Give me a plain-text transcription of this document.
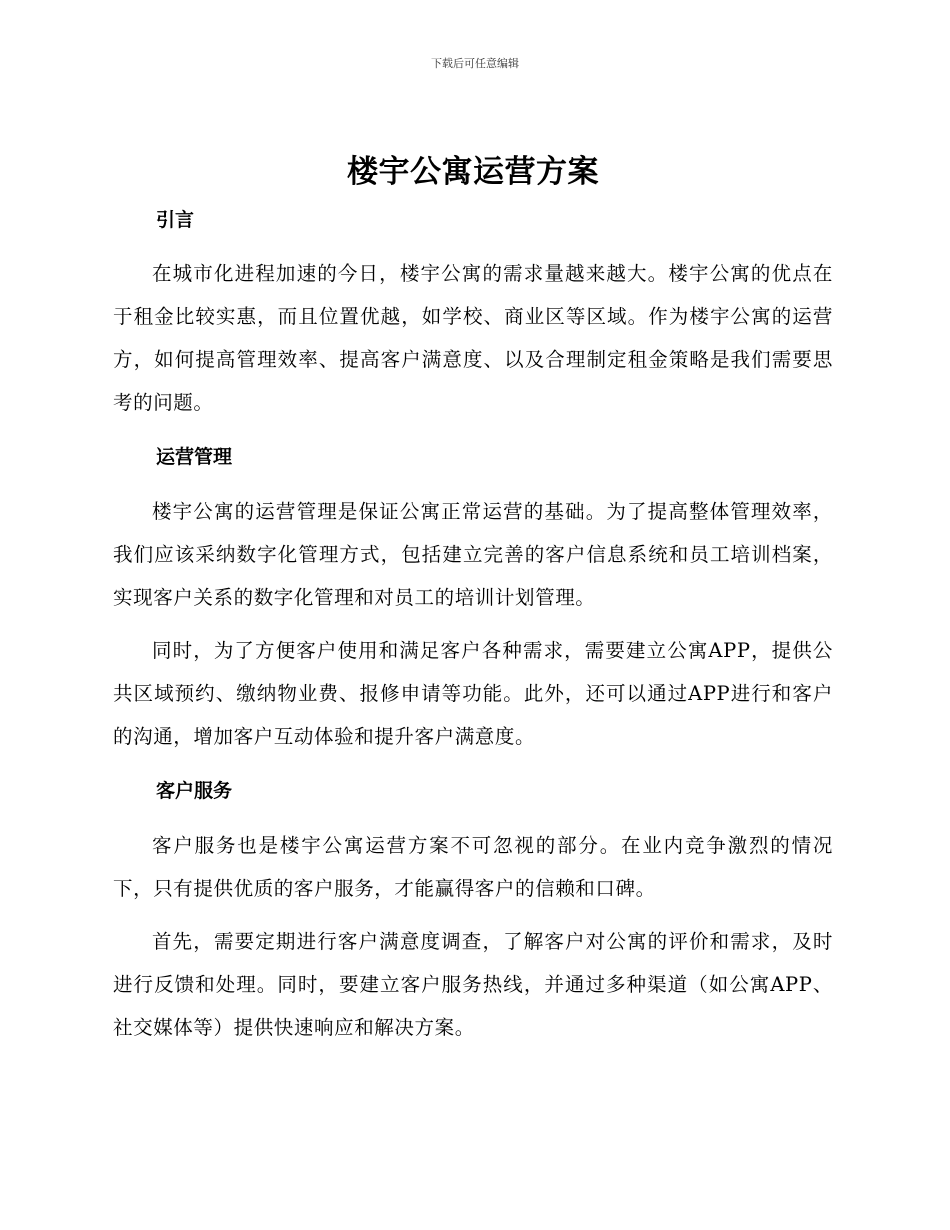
下载后可任意编辑
楼宇公寓运营方案
引言

在城市化进程加速的今日，楼宇公寓的需求量越来越大。楼宇公寓的优点在于租金比较实惠，而且位置优越，如学校、商业区等区域。作为楼宇公寓的运营方，如何提高管理效率、提高客户满意度、以及合理制定租金策略是我们需要思考的问题。

运营管理

楼宇公寓的运营管理是保证公寓正常运营的基础。为了提高整体管理效率，我们应该采纳数字化管理方式，包括建立完善的客户信息系统和员工培训档案，实现客户关系的数字化管理和对员工的培训计划管理。

同时，为了方便客户使用和满足客户各种需求，需要建立公寓APP，提供公共区域预约、缴纳物业费、报修申请等功能。此外，还可以通过APP进行和客户的沟通，增加客户互动体验和提升客户满意度。

客户服务

客户服务也是楼宇公寓运营方案不可忽视的部分。在业内竞争激烈的情况下，只有提供优质的客户服务，才能赢得客户的信赖和口碑。

首先，需要定期进行客户满意度调查，了解客户对公寓的评价和需求，及时进行反馈和处理。同时，要建立客户服务热线，并通过多种渠道（如公寓APP、社交媒体等）提供快速响应和解决方案。
